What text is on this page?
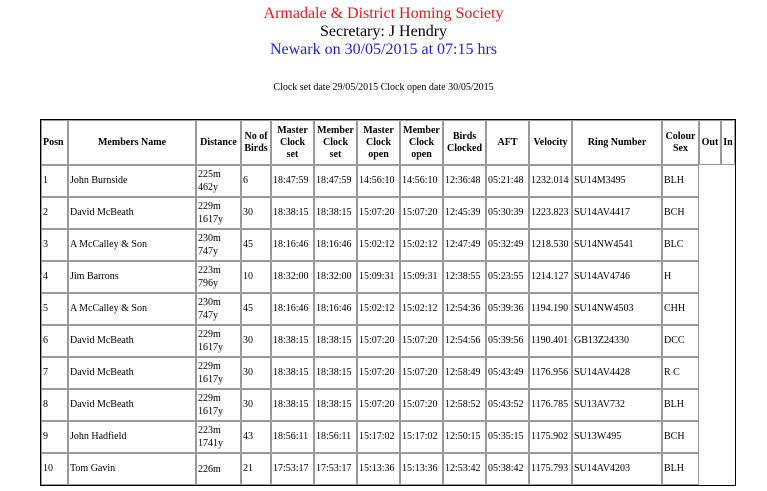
Armadale & District Homing Society
Secretary: J Hendry
Newark on 30/05/2015 at 07:15 hrs
Clock set date 29/05/2015 Clock open date 30/05/2015
Posn	Members Name	Distance	No of Birds	Master Clock set	Member Clock set	Master Clock open	Member Clock open	Birds Clocked	AFT	Velocity	Ring Number	Colour Sex	Out	In
1	John Burnside	225m
462y	6	18:47:59	18:47:59	14:56:10	14:56:10	12:36:48	05:21:48	1232.014	SU14M3495	BLH		
2	David McBeath	229m
1617y	30	18:38:15	18:38:15	15:07:20	15:07:20	12:45:39	05:30:39	1223.823	SU14AV4417	BCH		
3	A McCalley & Son	230m
747y	45	18:16:46	18:16:46	15:02:12	15:02:12	12:47:49	05:32:49	1218.530	SU14NW4541	BLC		
4	Jim Barrons	223m
796y	10	18:32:00	18:32:00	15:09:31	15:09:31	12:38:55	05:23:55	1214.127	SU14AV4746	H		
5	A McCalley & Son	230m
747y	45	18:16:46	18:16:46	15:02:12	15:02:12	12:54:36	05:39:36	1194.190	SU14NW4503	CHH		
6	David McBeath	229m
1617y	30	18:38:15	18:38:15	15:07:20	15:07:20	12:54:56	05:39:56	1190.401	GB13Z24330	DCC		
7	David McBeath	229m
1617y	30	18:38:15	18:38:15	15:07:20	15:07:20	12:58:49	05:43:49	1176.956	SU14AV4428	R C		
8	David McBeath	229m
1617y	30	18:38:15	18:38:15	15:07:20	15:07:20	12:58:52	05:43:52	1176.785	SU13AV732	BLH		
9	John Hadfield	223m
1741y	43	18:56:11	18:56:11	15:17:02	15:17:02	12:50:15	05:35:15	1175.902	SU13W495	BCH		
10	Tom Gavin	226m	21	17:53:17	17:53:17	15:13:36	15:13:36	12:53:42	05:38:42	1175.793	SU14AV4203	BLH		
